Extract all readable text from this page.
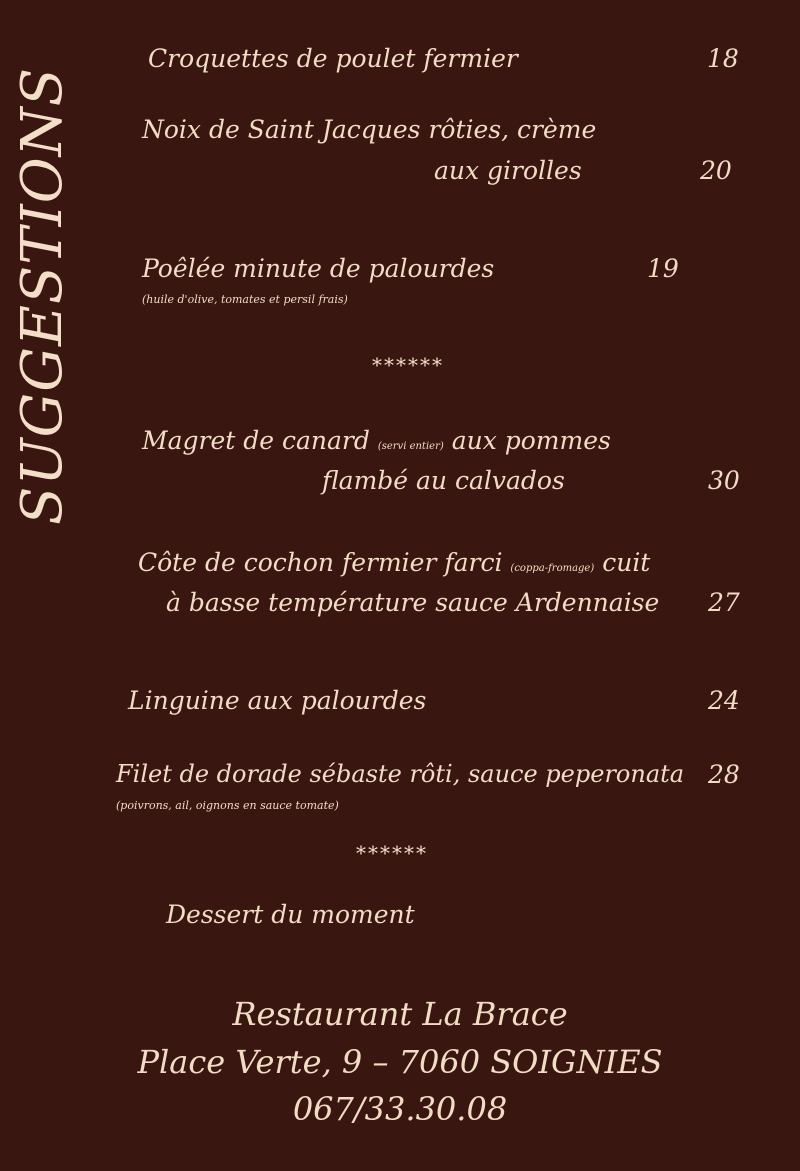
SUGGESTIONS
Croquettes de poulet fermier	18
Noix de Saint Jacques rôties, crème
aux girolles	20
Poêlée minute de palourdes	19
(huile d'olive, tomates et persil frais)
******
Magret de canard (servi entier) aux pommes
flambé au calvados	30
Côte de cochon fermier farci (coppa-fromage) cuit
à basse température sauce Ardennaise 27
Linguine aux palourdes	24
Filet de dorade sébaste rôti, sauce peperonata 28
(poivrons, ail, oignons en sauce tomate)
******
Dessert du moment
Restaurant La Brace
Place Verte, 9 – 7060 SOIGNIES
067/33.30.08
